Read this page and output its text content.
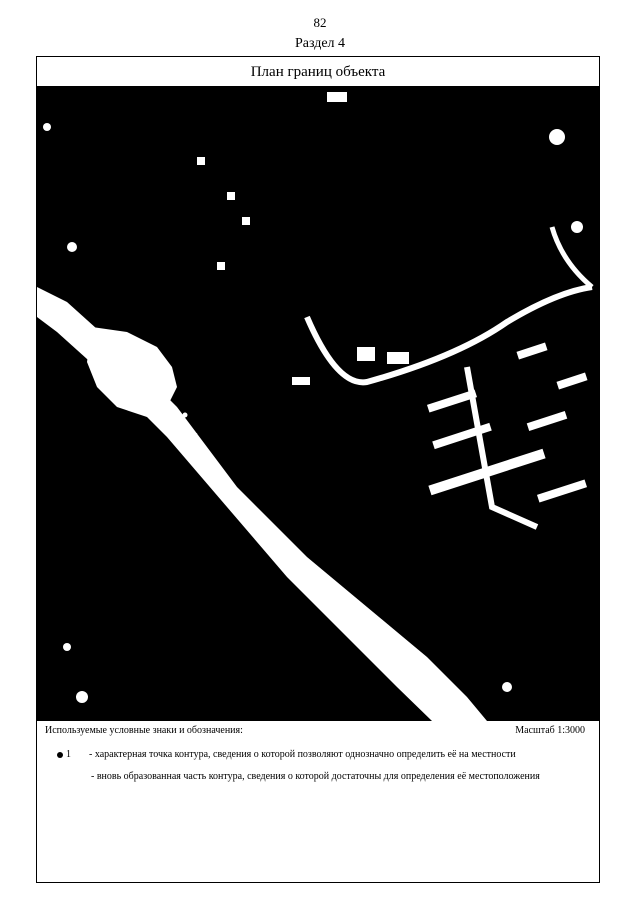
82
Раздел 4
План границ объекта
17
16
Используемые условные знаки и обозначения:	Масштаб 1:3000
1 - характерная точка контура, сведения о которой позволяют однозначно определить её на местности
- вновь образованная часть контура, сведения о которой достаточны для определения её местоположения
